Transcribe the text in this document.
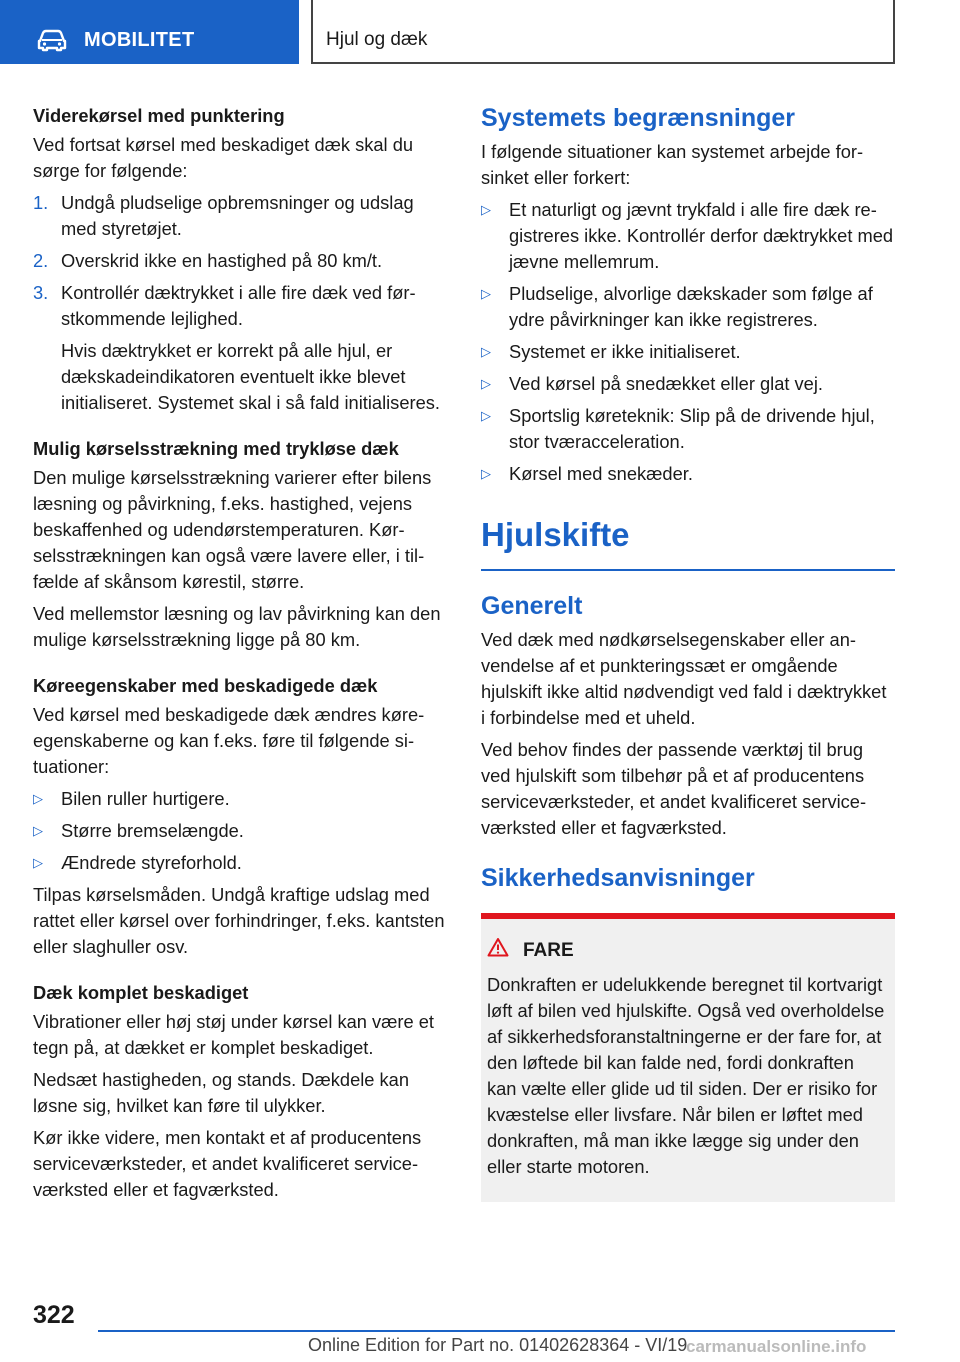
MOBILITET	Hjul og dæk
Viderekørsel med punktering

Ved fortsat kørsel med beskadiget dæk skal du sørge for følgende:

1. Undgå pludselige opbremsninger og udslag med styretøjet.
2. Overskrid ikke en hastighed på 80 km/t.
3. Kontrollér dæktrykket i alle fire dæk ved førstkommende lejlighed.
Hvis dæktrykket er korrekt på alle hjul, er dækskadeindikatoren eventuelt ikke blevet initialiseret. Systemet skal i så fald initialiseres.
Mulig kørselsstrækning med trykløse dæk

Den mulige kørselsstrækning varierer efter bilens læsning og påvirkning, f.eks. hastighed, vejens beskaffenhed og udendørstemperaturen. Kørselsstrækningen kan også være lavere eller, i tilfælde af skånsom kørestil, større.

Ved mellemstor læsning og lav påvirkning kan den mulige kørselsstrækning ligge på 80 km.

Køreegenskaber med beskadigede dæk

Ved kørsel med beskadigede dæk ændres køreegenskaberne og kan f.eks. føre til følgende situationer:

▷ Bilen ruller hurtigere.
▷ Større bremselængde.
▷ Ændrede styreforhold.

Tilpas kørselsmåden. Undgå kraftige udslag med rattet eller kørsel over forhindringer, f.eks. kantsten eller slaghuller osv.

Dæk komplet beskadiget

Vibrationer eller høj støj under kørsel kan være et tegn på, at dækket er komplet beskadiget.

Nedsæt hastigheden, og stands. Dækdele kan løsne sig, hvilket kan føre til ulykker.

Kør ikke videre, men kontakt et af producentens serviceværksteder, et andet kvalificeret serviceværksted eller et fagværksted.

Systemets begrænsninger

I følgende situationer kan systemet arbejde forsinket eller forkert:

▷ Et naturligt og jævnt trykfald i alle fire dæk registreres ikke. Kontrollér derfor dæktrykket med jævne mellemrum.
▷ Pludselige, alvorlige dækskader som følge af ydre påvirkninger kan ikke registreres.
▷ Systemet er ikke initialiseret.
▷ Ved kørsel på snedækket eller glat vej.
▷ Sportslig køreteknik: Slip på de drivende hjul, stor tværacceleration.
▷ Kørsel med snekæder.
Hjulskifte
Generelt

Ved dæk med nødkørselsegenskaber eller anvendelse af et punkteringssæt er omgående hjulskift ikke altid nødvendigt ved fald i dæktrykket i forbindelse med et uheld.

Ved behov findes der passende værktøj til brug ved hjulskift som tilbehør på et af producentens serviceværksteder, et andet kvalificeret serviceværksted eller et fagværksted.

Sikkerhedsanvisninger
FARE

Donkraften er udelukkende beregnet til kortvarigt løft af bilen ved hjulskifte. Også ved overholdelse af sikkerhedsforanstaltningerne er der fare for, at den løftede bil kan falde ned, fordi donkraften kan vælte eller glide ud til siden. Der er risiko for kvæstelse eller livsfare. Når bilen er løftet med donkraften, må man ikke lægge sig under den eller starte motoren.

322
Online Edition for Part no. 01402628364 - VI/19
carmanualsonline.info
